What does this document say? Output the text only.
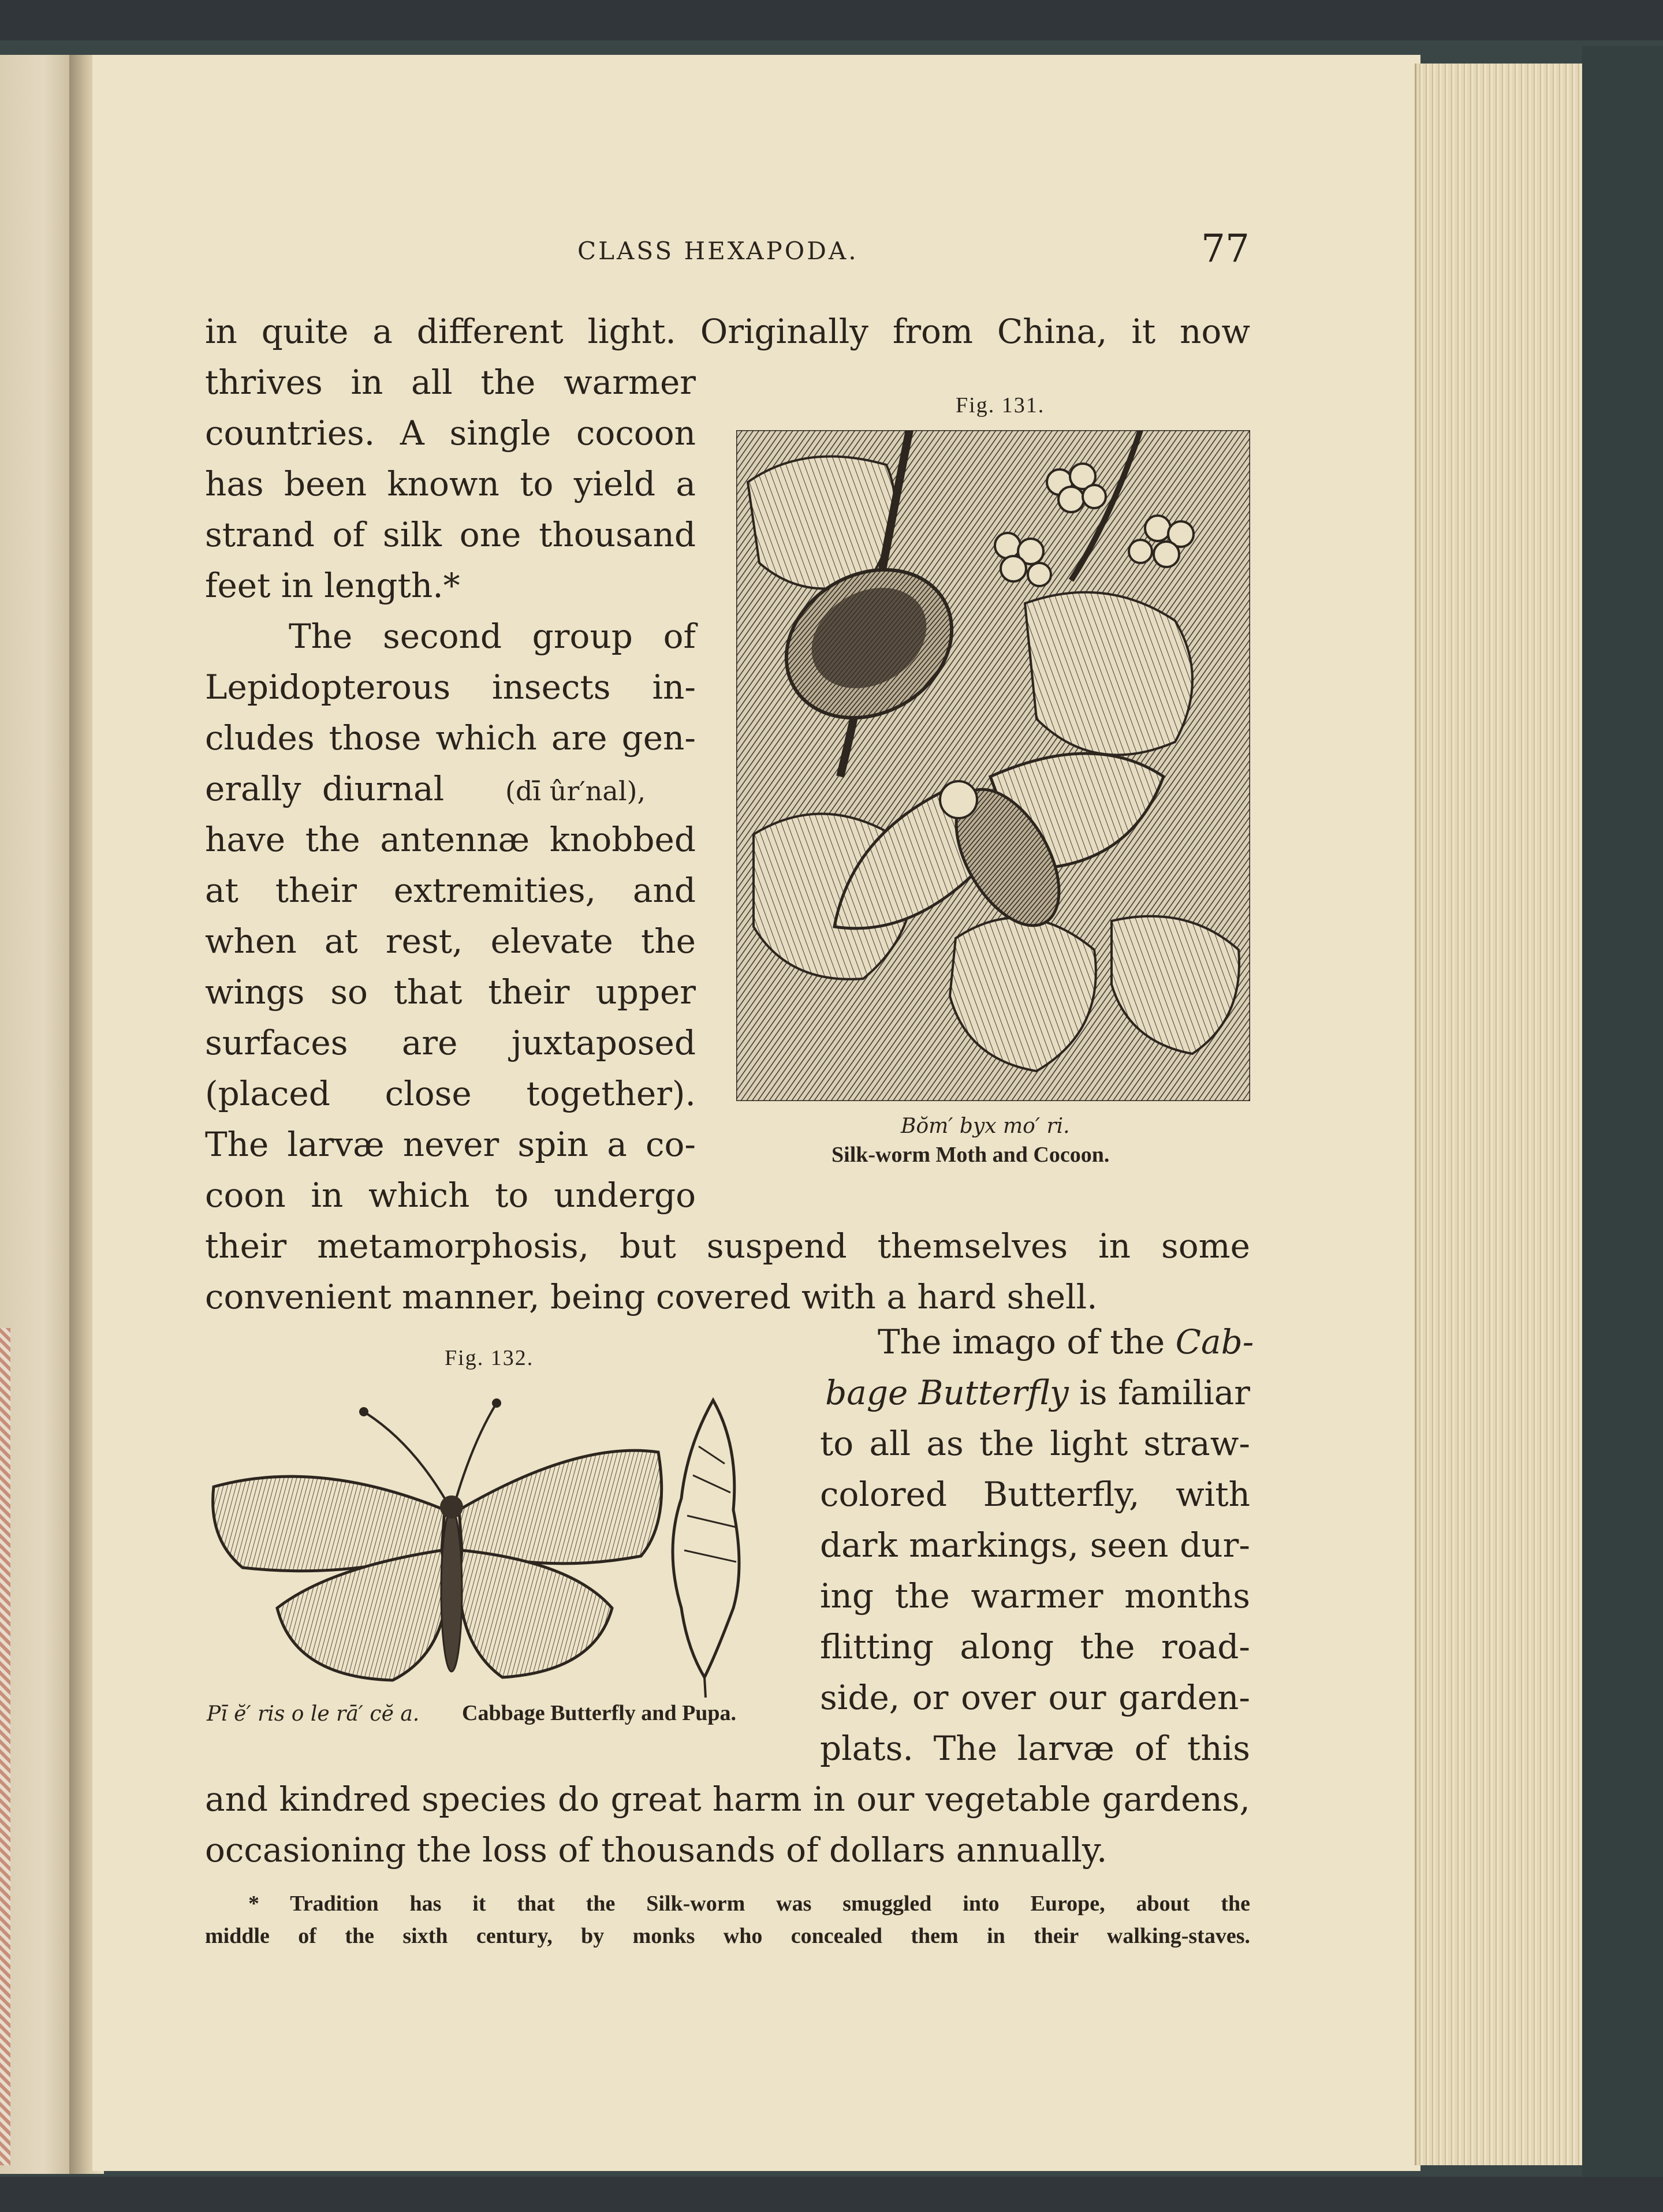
CLASS HEXAPODA.	77
in quite a different light. Originally from China, it now
thrives in all the warmer
countries. A single cocoon
has been known to yield a
strand of silk one thousand
feet in length.*
The second group of
Lepidopterous insects in-
cludes those which are gen-
erally diurnal (dī ûr′nal),
have the antennæ knobbed
at their extremities, and
when at rest, elevate the
wings so that their upper
surfaces are juxtaposed
(placed close together).
The larvæ never spin a co-
coon in which to undergo
their metamorphosis, but suspend themselves in some
convenient manner, being covered with a hard shell.
Fig. 131.
Bŏm′ byx mo′ ri.
Silk-worm Moth and Cocoon.
The imago of the Cab-
bage Butterfly is familiar
to all as the light straw-
colored Butterfly, with
dark markings, seen dur-
ing the warmer months
flitting along the road-
side, or over our garden-
plats. The larvæ of this
and kindred species do great harm in our vegetable gardens,
occasioning the loss of thousands of dollars annually.
Fig. 132.
Pī ĕ′ ris o le rā′ cĕ a. Cabbage Butterfly and Pupa.
* Tradition has it that the Silk-worm was smuggled into Europe, about the
middle of the sixth century, by monks who concealed them in their walking-staves.
